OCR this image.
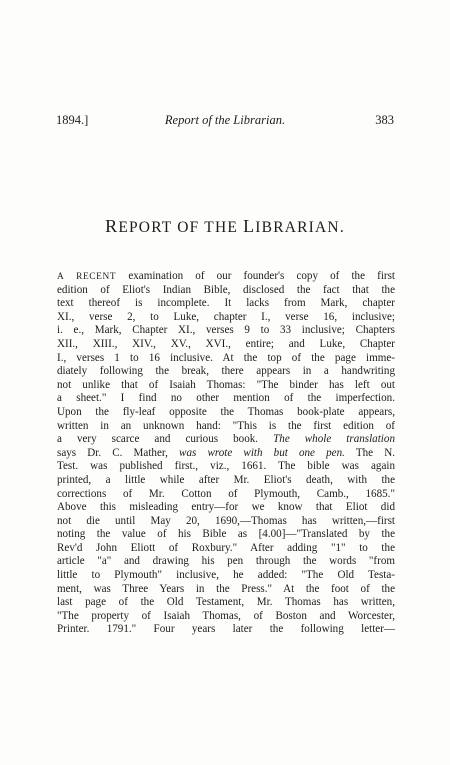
1894.]	Report of the Librarian.	383
REPORT OF THE LIBRARIAN.
A RECENT examination of our founder's copy of the first
edition of Eliot's Indian Bible, disclosed the fact that the
text thereof is incomplete. It lacks from Mark, chapter
XI., verse 2, to Luke, chapter I., verse 16, inclusive;
i. e., Mark, Chapter XI., verses 9 to 33 inclusive; Chapters
XII., XIII., XIV., XV., XVI., entire; and Luke, Chapter
I., verses 1 to 16 inclusive. At the top of the page imme-
diately following the break, there appears in a handwriting
not unlike that of Isaiah Thomas: "The binder has left out
a sheet." I find no other mention of the imperfection.
Upon the fly-leaf opposite the Thomas book-plate appears,
written in an unknown hand: "This is the first edition of
a very scarce and curious book. The whole translation
says Dr. C. Mather, was wrote with but one pen. The N.
Test. was published first., viz., 1661. The bible was again
printed, a little while after Mr. Eliot's death, with the
corrections of Mr. Cotton of Plymouth, Camb., 1685."
Above this misleading entry—for we know that Eliot did
not die until May 20, 1690,—Thomas has written,—first
noting the value of his Bible as [4.00]—"Translated by the
Rev'd John Eliott of Roxbury." After adding "1" to the
article "a" and drawing his pen through the words "from
little to Plymouth" inclusive, he added: "The Old Testa-
ment, was Three Years in the Press." At the foot of the
last page of the Old Testament, Mr. Thomas has written,
"The property of Isaiah Thomas, of Boston and Worcester,
Printer. 1791." Four years later the following letter—
